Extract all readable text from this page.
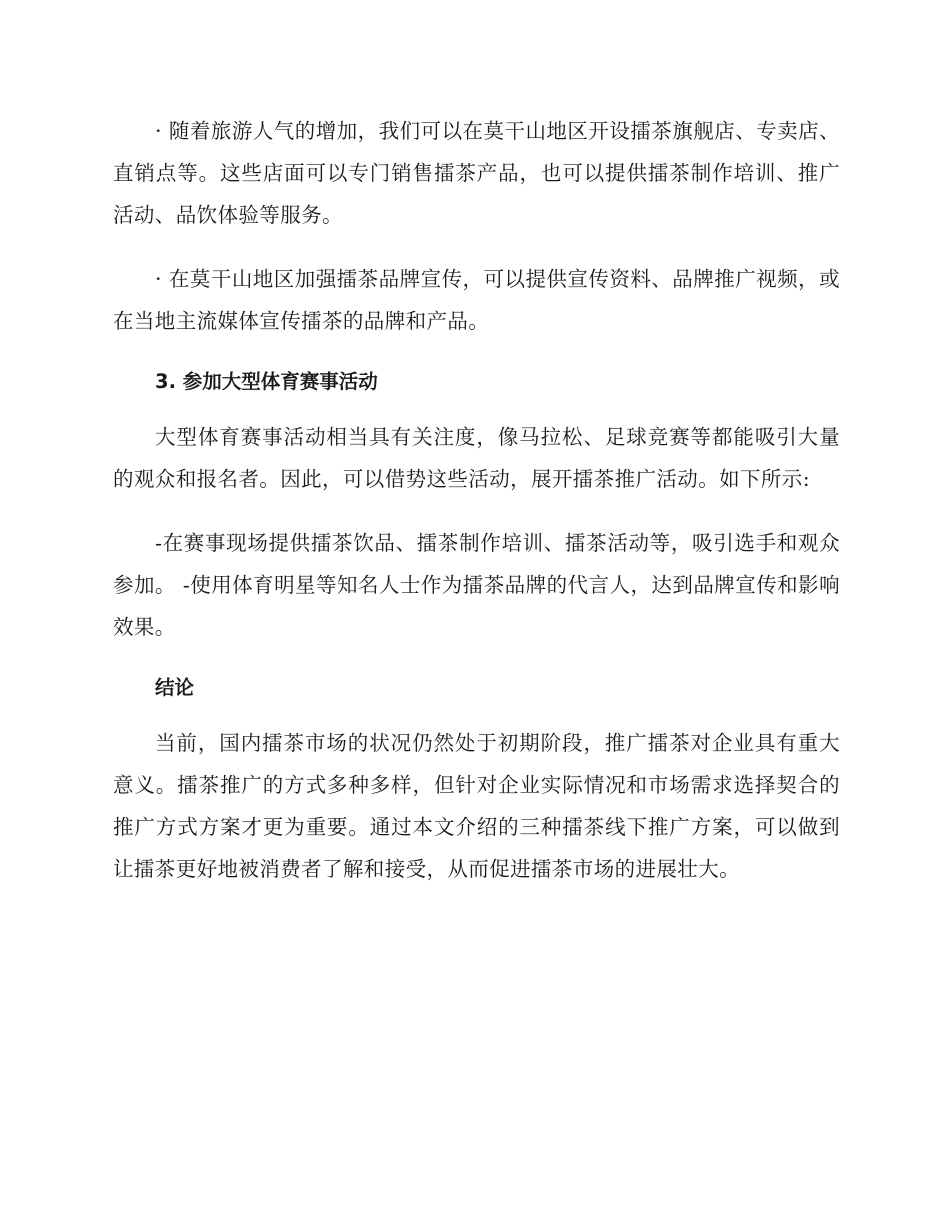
· 随着旅游人气的增加，我们可以在莫干山地区开设擂茶旗舰店、专卖店、直销点等。这些店面可以专门销售擂茶产品，也可以提供擂茶制作培训、推广活动、品饮体验等服务。

· 在莫干山地区加强擂茶品牌宣传，可以提供宣传资料、品牌推广视频，或在当地主流媒体宣传擂茶的品牌和产品。

3. 参加大型体育赛事活动

大型体育赛事活动相当具有关注度，像马拉松、足球竞赛等都能吸引大量的观众和报名者。因此，可以借势这些活动，展开擂茶推广活动。如下所示:

-在赛事现场提供擂茶饮品、擂茶制作培训、擂茶活动等，吸引选手和观众参加。 -使用体育明星等知名人士作为擂茶品牌的代言人，达到品牌宣传和影响效果。

结论

当前，国内擂茶市场的状况仍然处于初期阶段，推广擂茶对企业具有重大意义。擂茶推广的方式多种多样，但针对企业实际情况和市场需求选择契合的推广方式方案才更为重要。通过本文介绍的三种擂茶线下推广方案，可以做到让擂茶更好地被消费者了解和接受，从而促进擂茶市场的进展壮大。
